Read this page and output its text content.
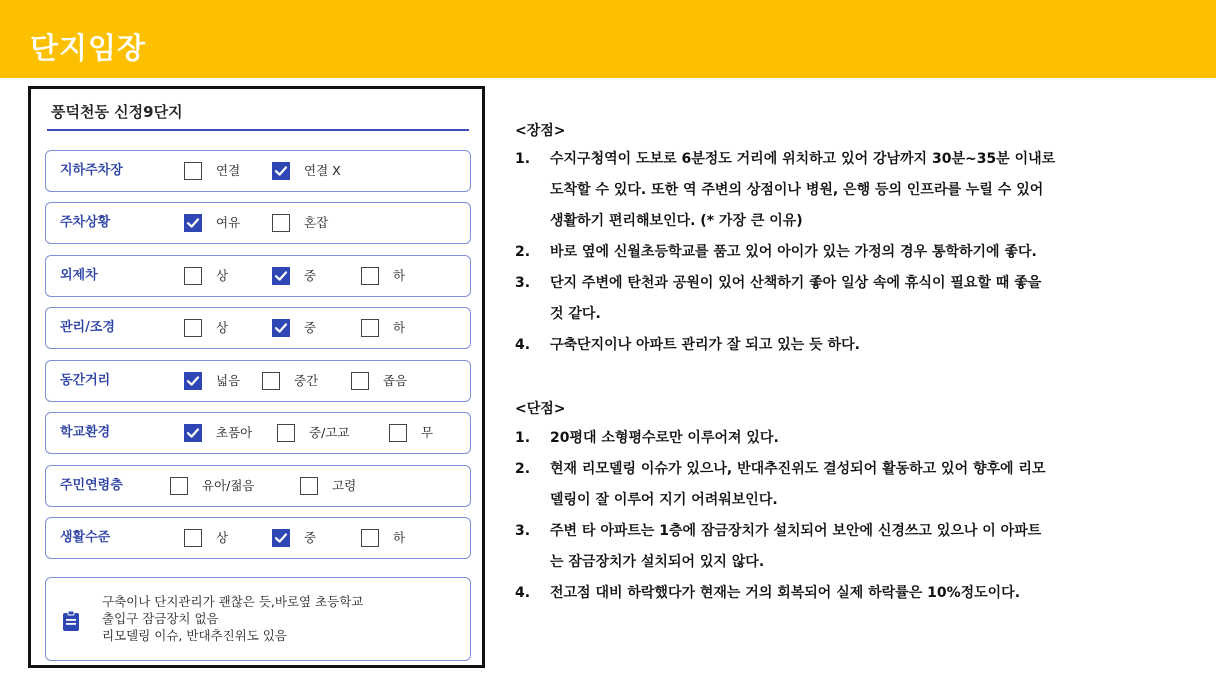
단지임장
풍덕천동 신정9단지
지하주차장	연결	연결 X
주차상황	여유	혼잡
외제차	상	중	하
관리/조경	상	중	하
동간거리	넓음	중간	좁음
학교환경	초품아	중/고교	무
주민연령층	유아/젊음	고령
생활수준	상	중	하
구축이나 단지관리가 괜찮은 듯,바로옆 초등학교
출입구 잠금장치 없음
리모델링 이슈, 반대추진위도 있음
<장점>
1. 수지구청역이 도보로 6분정도 거리에 위치하고 있어 강남까지 30분~35분 이내로
도착할 수 있다. 또한 역 주변의 상점이나 병원, 은행 등의 인프라를 누릴 수 있어
생활하기 편리해보인다. (* 가장 큰 이유)
2. 바로 옆에 신월초등학교를 품고 있어 아이가 있는 가정의 경우 통학하기에 좋다.
3. 단지 주변에 탄천과 공원이 있어 산책하기 좋아 일상 속에 휴식이 필요할 때 좋을
것 같다.
4. 구축단지이나 아파트 관리가 잘 되고 있는 듯 하다.
<단점>
1. 20평대 소형평수로만 이루어져 있다.
2. 현재 리모델링 이슈가 있으나, 반대추진위도 결성되어 활동하고 있어 향후에 리모
델링이 잘 이루어 지기 어려워보인다.
3. 주변 타 아파트는 1층에 잠금장치가 설치되어 보안에 신경쓰고 있으나 이 아파트
는 잠금장치가 설치되어 있지 않다.
4. 전고점 대비 하락했다가 현재는 거의 회복되어 실제 하락률은 10%정도이다.
